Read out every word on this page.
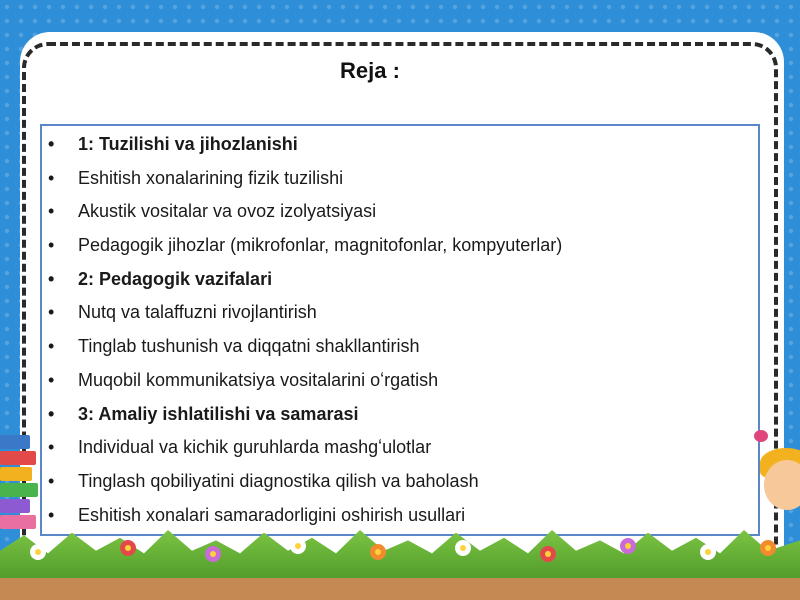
Reja :
• 1: Tuzilishi va jihozlanishi
• Eshitish xonalarining fizik tuzilishi
• Akustik vositalar va ovoz izolyatsiyasi
• Pedagogik jihozlar (mikrofonlar, magnitofonlar, kompyuterlar)
• 2: Pedagogik vazifalari
• Nutq va talaffuzni rivojlantirish
• Tinglab tushunish va diqqatni shakllantirish
• Muqobil kommunikatsiya vositalarini oʻrgatish
• 3: Amaliy ishlatilishi va samarasi
• Individual va kichik guruhlarda mashgʻulotlar
• Tinglash qobiliyatini diagnostika qilish va baholash
• Eshitish xonalari samaradorligini oshirish usullari
